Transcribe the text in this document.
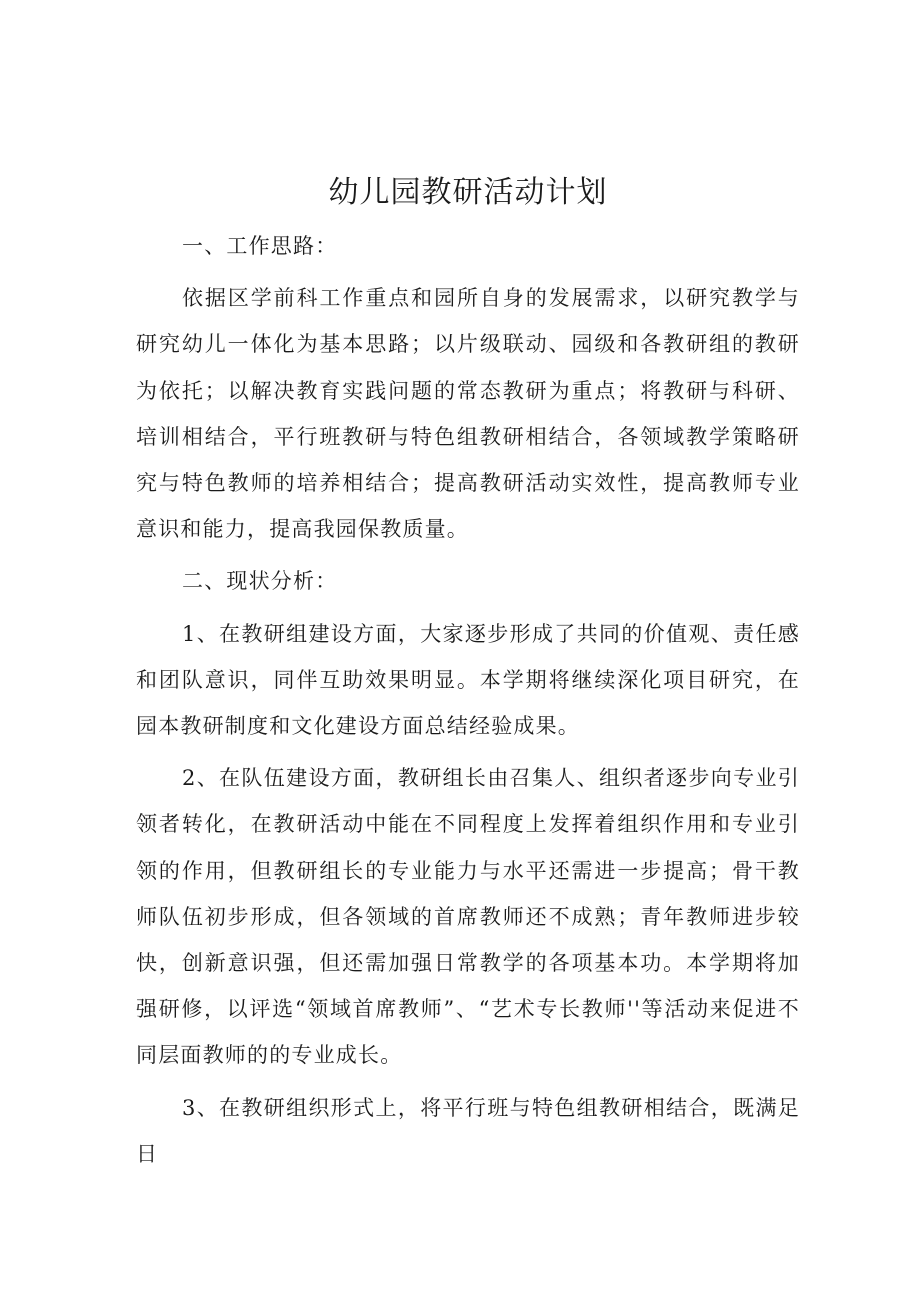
幼儿园教研活动计划

一、工作思路：

依据区学前科工作重点和园所自身的发展需求，以研究教学与研究幼儿一体化为基本思路；以片级联动、园级和各教研组的教研为依托；以解决教育实践问题的常态教研为重点；将教研与科研、培训相结合，平行班教研与特色组教研相结合，各领域教学策略研究与特色教师的培养相结合；提高教研活动实效性，提高教师专业意识和能力，提高我园保教质量。

二、现状分析：

1、在教研组建设方面，大家逐步形成了共同的价值观、责任感和团队意识，同伴互助效果明显。本学期将继续深化项目研究，在园本教研制度和文化建设方面总结经验成果。

2、在队伍建设方面，教研组长由召集人、组织者逐步向专业引领者转化，在教研活动中能在不同程度上发挥着组织作用和专业引领的作用，但教研组长的专业能力与水平还需进一步提高；骨干教师队伍初步形成，但各领域的首席教师还不成熟；青年教师进步较快，创新意识强，但还需加强日常教学的各项基本功。本学期将加强研修，以评选“领域首席教师”、“艺术专长教师''等活动来促进不同层面教师的的专业成长。

3、在教研组织形式上，将平行班与特色组教研相结合，既满足日
